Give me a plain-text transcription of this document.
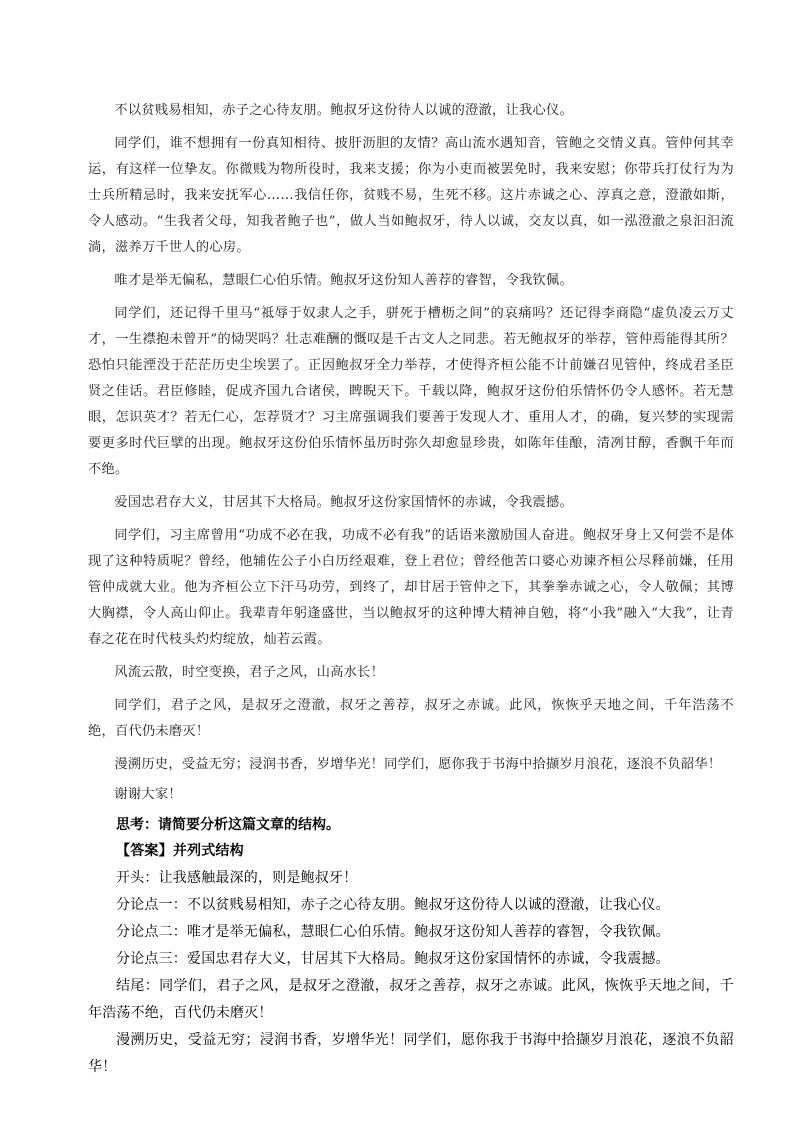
不以贫贱易相知，赤子之心待友朋。鲍叔牙这份待人以诚的澄澈，让我心仪。

同学们，谁不想拥有一份真知相待、披肝沥胆的友情？高山流水遇知音，管鲍之交情义真。管仲何其幸运，有这样一位挚友。你微贱为物所役时，我来支援；你为小吏而被罢免时，我来安慰；你带兵打仗行为为士兵所精忌时，我来安抚军心……我信任你，贫贱不易，生死不移。这片赤诚之心、淳真之意，澄澈如斯，令人感动。“生我者父母，知我者鲍子也”，做人当如鲍叔牙，待人以诚，交友以真，如一泓澄澈之泉汩汩流淌，滋养万千世人的心房。

唯才是举无偏私，慧眼仁心伯乐情。鲍叔牙这份知人善荐的睿智，令我钦佩。

同学们，还记得千里马“祗辱于奴隶人之手，骈死于槽枥之间”的哀痛吗？还记得李商隐“虚负凌云万丈才，一生襟抱未曾开”的恸哭吗？壮志难酬的慨叹是千古文人之同悲。若无鲍叔牙的举荐，管仲焉能得其所？恐怕只能湮没于茫茫历史尘埃罢了。正因鲍叔牙全力举荐，才使得齐桓公能不计前嫌召见管仲，终成君圣臣贤之佳话。君臣修睦，促成齐国九合诸侯，睥睨天下。千载以降，鲍叔牙这份伯乐情怀仍令人感怀。若无慧眼，怎识英才？若无仁心，怎荐贤才？习主席强调我们要善于发现人才、重用人才，的确，复兴梦的实现需要更多时代巨擘的出现。鲍叔牙这份伯乐情怀虽历时弥久却愈显珍贵，如陈年佳酿，清冽甘醇，香飘千年而不绝。

爱国忠君存大义，甘居其下大格局。鲍叔牙这份家国情怀的赤诚，令我震撼。

同学们，习主席曾用“功成不必在我，功成不必有我”的话语来激励国人奋进。鲍叔牙身上又何尝不是体现了这种特质呢？曾经，他辅佐公子小白历经艰难，登上君位；曾经他苦口婆心劝谏齐桓公尽释前嫌，任用管仲成就大业。他为齐桓公立下汗马功劳，到终了，却甘居于管仲之下，其拳拳赤诚之心，令人敬佩；其博大胸襟，令人高山仰止。我辈青年躬逢盛世，当以鲍叔牙的这种博大精神自勉，将“小我”融入“大我”，让青春之花在时代枝头灼灼绽放，灿若云霞。

风流云散，时空变换，君子之风，山高水长！

同学们，君子之风，是叔牙之澄澈，叔牙之善荐，叔牙之赤诚。此风，恢恢乎天地之间，千年浩荡不绝，百代仍未磨灭！

漫溯历史，受益无穷；浸润书香，岁增华光！同学们，愿你我于书海中拾撷岁月浪花，逐浪不负韶华！

谢谢大家！

思考：请简要分析这篇文章的结构。

【答案】并列式结构

开头：让我感触最深的，则是鲍叔牙！

分论点一：不以贫贱易相知，赤子之心待友朋。鲍叔牙这份待人以诚的澄澈，让我心仪。

分论点二：唯才是举无偏私，慧眼仁心伯乐情。鲍叔牙这份知人善荐的睿智，令我钦佩。

分论点三：爱国忠君存大义，甘居其下大格局。鲍叔牙这份家国情怀的赤诚，令我震撼。

结尾：同学们，君子之风，是叔牙之澄澈，叔牙之善荐，叔牙之赤诚。此风，恢恢乎天地之间，千年浩荡不绝，百代仍未磨灭！

漫溯历史，受益无穷；浸润书香，岁增华光！同学们，愿你我于书海中拾撷岁月浪花，逐浪不负韶华！
